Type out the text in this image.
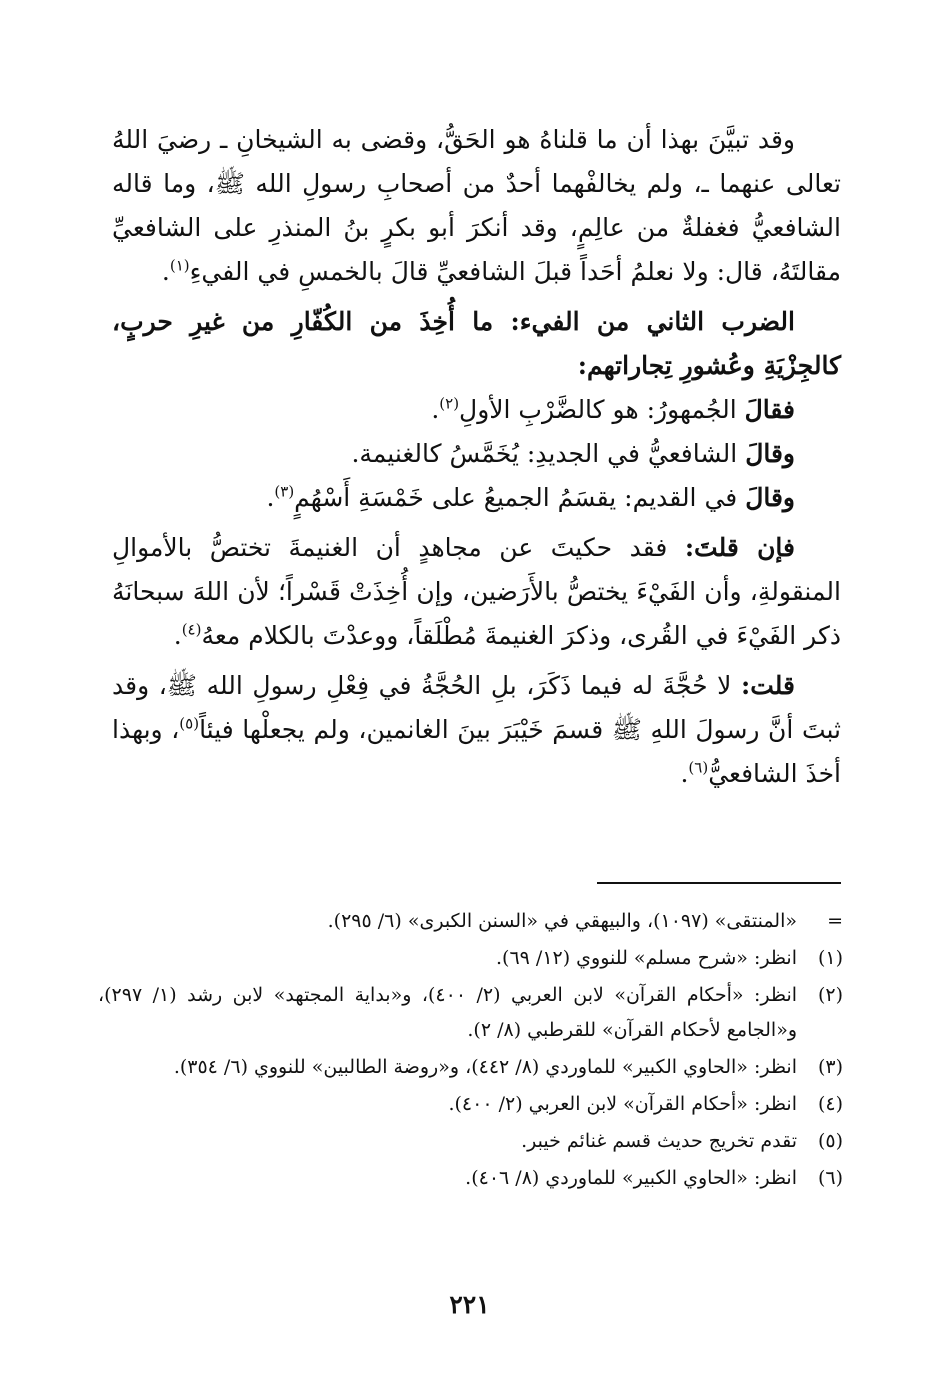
وقد تبيَّنَ بهذا أن ما قلناهُ هو الحَقُّ، وقضى به الشيخانِ ـ رضيَ اللهُ تعالى عنهما ـ، ولم يخالفْهما أحدٌ من أصحابِ رسولِ الله ﷺ، وما قاله الشافعيُّ فغفلةٌ من عالِمٍ، وقد أنكرَ أبو بكرٍ بنُ المنذرِ على الشافعيِّ مقالتَهُ، قال: ولا نعلمُ أحَداً قبلَ الشافعيِّ قالَ بالخمسِ في الفيءِ$^{(١)}$.

الضرب الثاني من الفيء: ما أُخِذَ من الكُفّارِ من غيرِ حربٍ، كالجِزْيَةِ وعُشورِ تِجاراتهم:

فقالَ الجُمهورُ: هو كالضَّرْبِ الأولِ$^{(٢)}$.

وقالَ الشافعيُّ في الجديدِ: يُخَمَّسُ كالغنيمة.

وقالَ في القديم: يقسَمُ الجميعُ على خَمْسَةِ أَسْهُمٍ$^{(٣)}$.

فإن قلتَ: فقد حكيتَ عن مجاهدٍ أن الغنيمةَ تختصُّ بالأموالِ المنقولةِ، وأن الفَيْءَ يختصُّ بالأَرَضين، وإن أُخِذَتْ قَسْراً؛ لأن اللهَ سبحانَهُ ذكر الفَيْءَ في القُرى، وذكرَ الغنيمةَ مُطْلَقاً، ووعدْتَ بالكلام معهُ$^{(٤)}$.

قلت: لا حُجَّةَ له فيما ذَكَرَ، بلِ الحُجَّةُ في فِعْلِ رسولِ الله ﷺ، وقد ثبتَ أنَّ رسولَ اللهِ ﷺ قسمَ خَيْبَرَ بينَ الغانمين، ولم يجعلْها فيئاً$^{(٥)}$، وبهذا أخذَ الشافعيُّ$^{(٦)}$.

=
«المنتقى» (١٠٩٧)، والبيهقي في «السنن الكبرى» (٦/ ٢٩٥).
(١)
انظر: «شرح مسلم» للنووي (١٢/ ٦٩).
(٢)
انظر: «أحكام القرآن» لابن العربي (٢/ ٤٠٠)، و«بداية المجتهد» لابن رشد (١/ ٢٩٧)، و«الجامع لأحكام القرآن» للقرطبي (٨/ ٢).
(٣)
انظر: «الحاوي الكبير» للماوردي (٨/ ٤٤٢)، و«روضة الطالبين» للنووي (٦/ ٣٥٤).
(٤)
انظر: «أحكام القرآن» لابن العربي (٢/ ٤٠٠).
(٥)
تقدم تخريج حديث قسم غنائم خيبر.
(٦)
انظر: «الحاوي الكبير» للماوردي (٨/ ٤٠٦).
٢٢١
